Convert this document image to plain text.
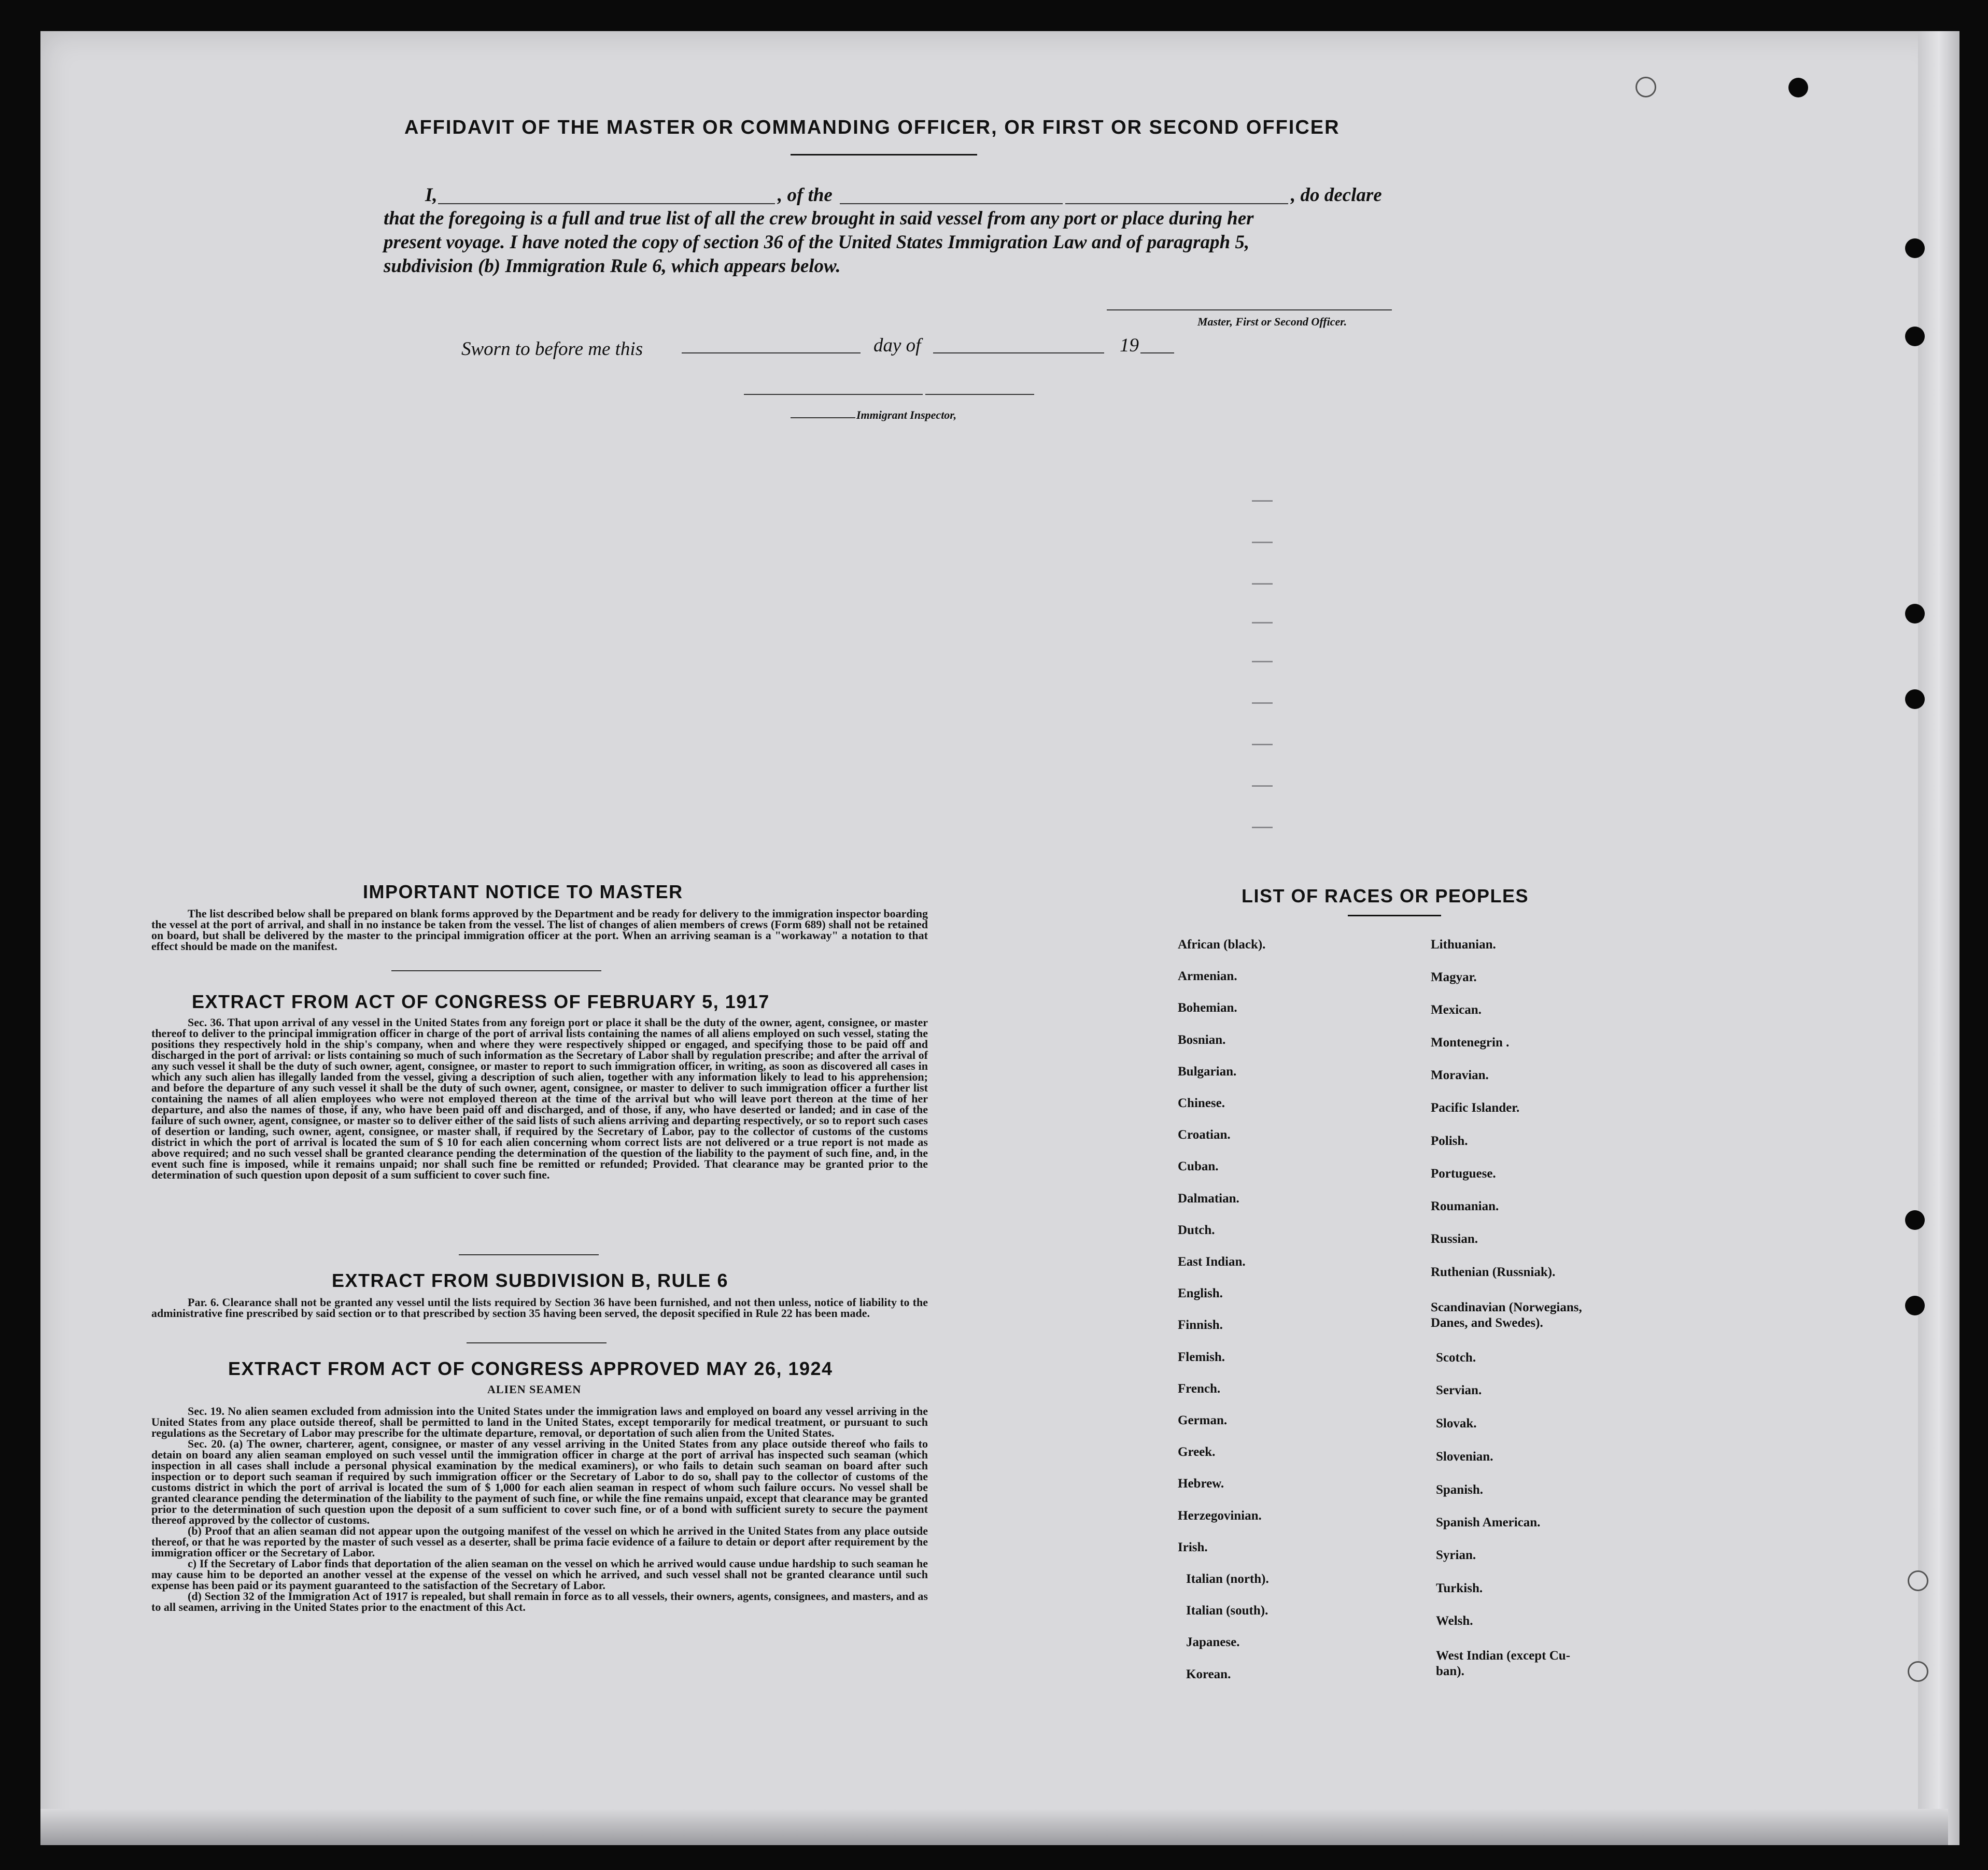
AFFIDAVIT OF THE MASTER OR COMMANDING OFFICER, OR FIRST OR SECOND OFFICER
I,	, of the	, do declare
that the foregoing is a full and true list of all the crew brought in said vessel from any port or place during her
present voyage. I have noted the copy of section 36 of the United States Immigration Law and of paragraph 5,
subdivision (b) Immigration Rule 6, which appears below.
Master, First or Second Officer.
Sworn to before me this	day of	19
Immigrant Inspector,
IMPORTANT NOTICE TO MASTER

The list described below shall be prepared on blank forms approved by the Department and be ready for delivery to the immigration inspector boarding the vessel at the port of arrival, and shall in no instance be taken from the vessel. The list of changes of alien members of crews (Form 689) shall not be retained on board, but shall be delivered by the master to the principal immigration officer at the port. When an arriving seaman is a "workaway" a notation to that effect should be made on the manifest.

EXTRACT FROM ACT OF CONGRESS OF FEBRUARY 5, 1917

Sec. 36. That upon arrival of any vessel in the United States from any foreign port or place it shall be the duty of the owner, agent, consignee, or master thereof to deliver to the principal immigration officer in charge of the port of arrival lists containing the names of all aliens employed on such vessel, stating the positions they respectively hold in the ship's company, when and where they were respectively shipped or engaged, and specifying those to be paid off and discharged in the port of arrival: or lists containing so much of such information as the Secretary of Labor shall by regulation prescribe; and after the arrival of any such vessel it shall be the duty of such owner, agent, consignee, or master to report to such immigration officer, in writing, as soon as discovered all cases in which any such alien has illegally landed from the vessel, giving a description of such alien, together with any information likely to lead to his apprehension; and before the departure of any such vessel it shall be the duty of such owner, agent, consignee, or master to deliver to such immigration officer a further list containing the names of all alien employees who were not employed thereon at the time of the arrival but who will leave port thereon at the time of her departure, and also the names of those, if any, who have been paid off and discharged, and of those, if any, who have deserted or landed; and in case of the failure of such owner, agent, consignee, or master so to deliver either of the said lists of such aliens arriving and departing respectively, or so to report such cases of desertion or landing, such owner, agent, consignee, or master shall, if required by the Secretary of Labor, pay to the collector of customs of the customs district in which the port of arrival is located the sum of $ 10 for each alien concerning whom correct lists are not delivered or a true report is not made as above required; and no such vessel shall be granted clearance pending the determination of the question of the liability to the payment of such fine, and, in the event such fine is imposed, while it remains unpaid; nor shall such fine be remitted or refunded; Provided. That clearance may be granted prior to the determination of such question upon deposit of a sum sufficient to cover such fine.

EXTRACT FROM SUBDIVISION B, RULE 6

Par. 6. Clearance shall not be granted any vessel until the lists required by Section 36 have been furnished, and not then unless, notice of liability to the administrative fine prescribed by said section or to that prescribed by section 35 having been served, the deposit specified in Rule 22 has been made.

EXTRACT FROM ACT OF CONGRESS APPROVED MAY 26, 1924
ALIEN SEAMEN

Sec. 19. No alien seamen excluded from admission into the United States under the immigration laws and employed on board any vessel arriving in the United States from any place outside thereof, shall be permitted to land in the United States, except temporarily for medical treatment, or pursuant to such regulations as the Secretary of Labor may prescribe for the ultimate departure, removal, or deportation of such alien from the United States.

Sec. 20. (a) The owner, charterer, agent, consignee, or master of any vessel arriving in the United States from any place outside thereof who fails to detain on board any alien seaman employed on such vessel until the immigration officer in charge at the port of arrival has inspected such seaman (which inspection in all cases shall include a personal physical examination by the medical examiners), or who fails to detain such seaman on board after such inspection or to deport such seaman if required by such immigration officer or the Secretary of Labor to do so, shall pay to the collector of customs of the customs district in which the port of arrival is located the sum of $ 1,000 for each alien seaman in respect of whom such failure occurs. No vessel shall be granted clearance pending the determination of the liability to the payment of such fine, or while the fine remains unpaid, except that clearance may be granted prior to the determination of such question upon the deposit of a sum sufficient to cover such fine, or of a bond with sufficient surety to secure the payment thereof approved by the collector of customs.

(b) Proof that an alien seaman did not appear upon the outgoing manifest of the vessel on which he arrived in the United States from any place outside thereof, or that he was reported by the master of such vessel as a deserter, shall be prima facie evidence of a failure to detain or deport after requirement by the immigration officer or the Secretary of Labor.

c) If the Secretary of Labor finds that deportation of the alien seaman on the vessel on which he arrived would cause undue hardship to such seaman he may cause him to be deported an another vessel at the expense of the vessel on which he arrived, and such vessel shall not be granted clearance until such expense has been paid or its payment guaranteed to the satisfaction of the Secretary of Labor.

(d) Section 32 of the Immigration Act of 1917 is repealed, but shall remain in force as to all vessels, their owners, agents, consignees, and masters, and as to all seamen, arriving in the United States prior to the enactment of this Act.

LIST OF RACES OR PEOPLES
African (black).
Armenian.
Bohemian.
Bosnian.
Bulgarian.
Chinese.
Croatian.
Cuban.
Dalmatian.
Dutch.
East Indian.
English.
Finnish.
Flemish.
French.
German.
Greek.
Hebrew.
Herzegovinian.
Irish.
Italian (north).
Italian (south).
Japanese.
Korean.
Lithuanian.
Magyar.
Mexican.
Montenegrin .
Moravian.
Pacific Islander.
Polish.
Portuguese.
Roumanian.
Russian.
Ruthenian (Russniak).
Scandinavian (Norwegians,
Danes, and Swedes).
Scotch.
Servian.
Slovak.
Slovenian.
Spanish.
Spanish American.
Syrian.
Turkish.
Welsh.
West Indian (except Cu-
ban).
